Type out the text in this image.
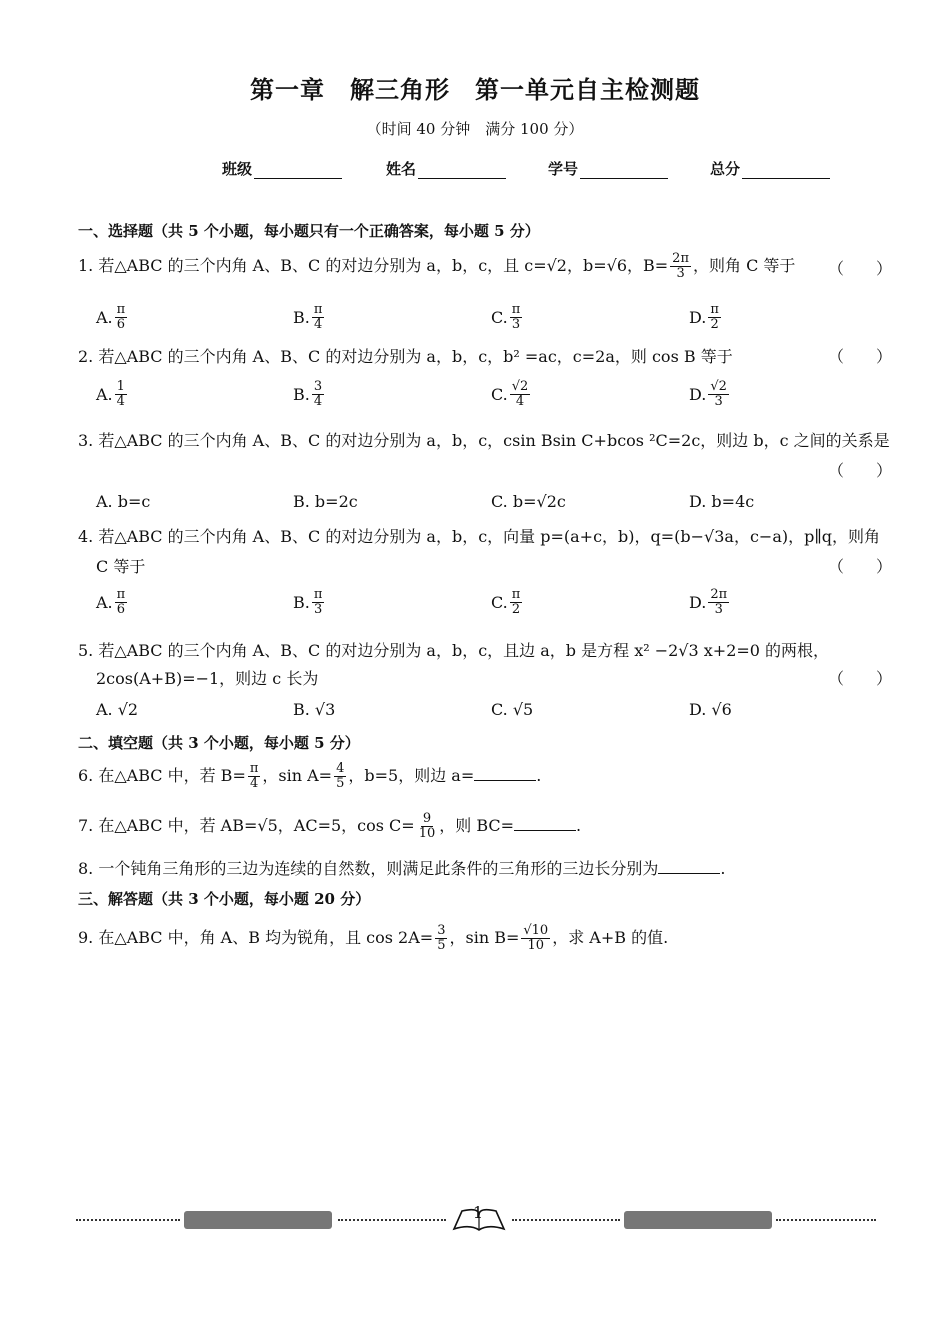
第一章　解三角形　第一单元自主检测题
（时间 40 分钟　满分 100 分）
班级	姓名	学号	总分
一、选择题（共 5 个小题，每小题只有一个正确答案，每小题 5 分）
1. 若△ABC 的三个内角 A、B、C 的对边分别为 a，b，c，且 c=√2，b=√6，$B= \frac{2\pi}{3}$ ，则角 C 等于 （　　）
A. $\frac{\pi}{6}$	B. $\frac{\pi}{4}$	C. $\frac{\pi}{3}$	D. $\frac{\pi}{2}$
2. 若△ABC 的三个内角 A、B、C 的对边分别为 a，b，c，b² =ac，c=2a，则 cos B 等于	（　　）
A. $\frac{1}{4}$	B. $\frac{3}{4}$	C. $\frac{√2}{4}$	D. $\frac{√2}{3}$
3. 若△ABC 的三个内角 A、B、C 的对边分别为 a，b，c，csin Bsin C+bcos ²C=2c，则边 b，c 之间的关系是
（　　）
A. b=c	B. b=2c	C. b=√2c	D. b=4c
4. 若△ABC 的三个内角 A、B、C 的对边分别为 a，b，c，向量 p=(a+c，b)，q=(b−√3a，c−a)，p∥q，则角
C 等于	（　　）
A. $\frac{\pi}{6}$	B. $\frac{\pi}{3}$	C. $\frac{\pi}{2}$	D. $\frac{2\pi}{3}$
5. 若△ABC 的三个内角 A、B、C 的对边分别为 a，b，c，且边 a，b 是方程 x² −2√3 x+2=0 的两根，
2cos(A+B)=−1，则边 c 长为	（　　）
A. √2	B. √3	C. √5	D. √6
二、填空题（共 3 个小题，每小题 5 分）
6. 在△ABC 中，若 $B= \frac{\pi}{4}$ ，$\sin A= \frac{4}{5}$ ，b=5，则边 a=	.
7. 在△ABC 中，若 AB=√5，AC=5，$\cos C= \frac{9}{10}$ ，则 BC=	.
8. 一个钝角三角形的三边为连续的自然数，则满足此条件的三角形的三边长分别为	.
三、解答题（共 3 个小题，每小题 20 分）
9. 在△ABC 中，角 A、B 均为锐角，且 $\cos 2A= \frac{3}{5}$ ，$\sin B= \frac{√10}{10}$ ，求 A+B 的值.
1
